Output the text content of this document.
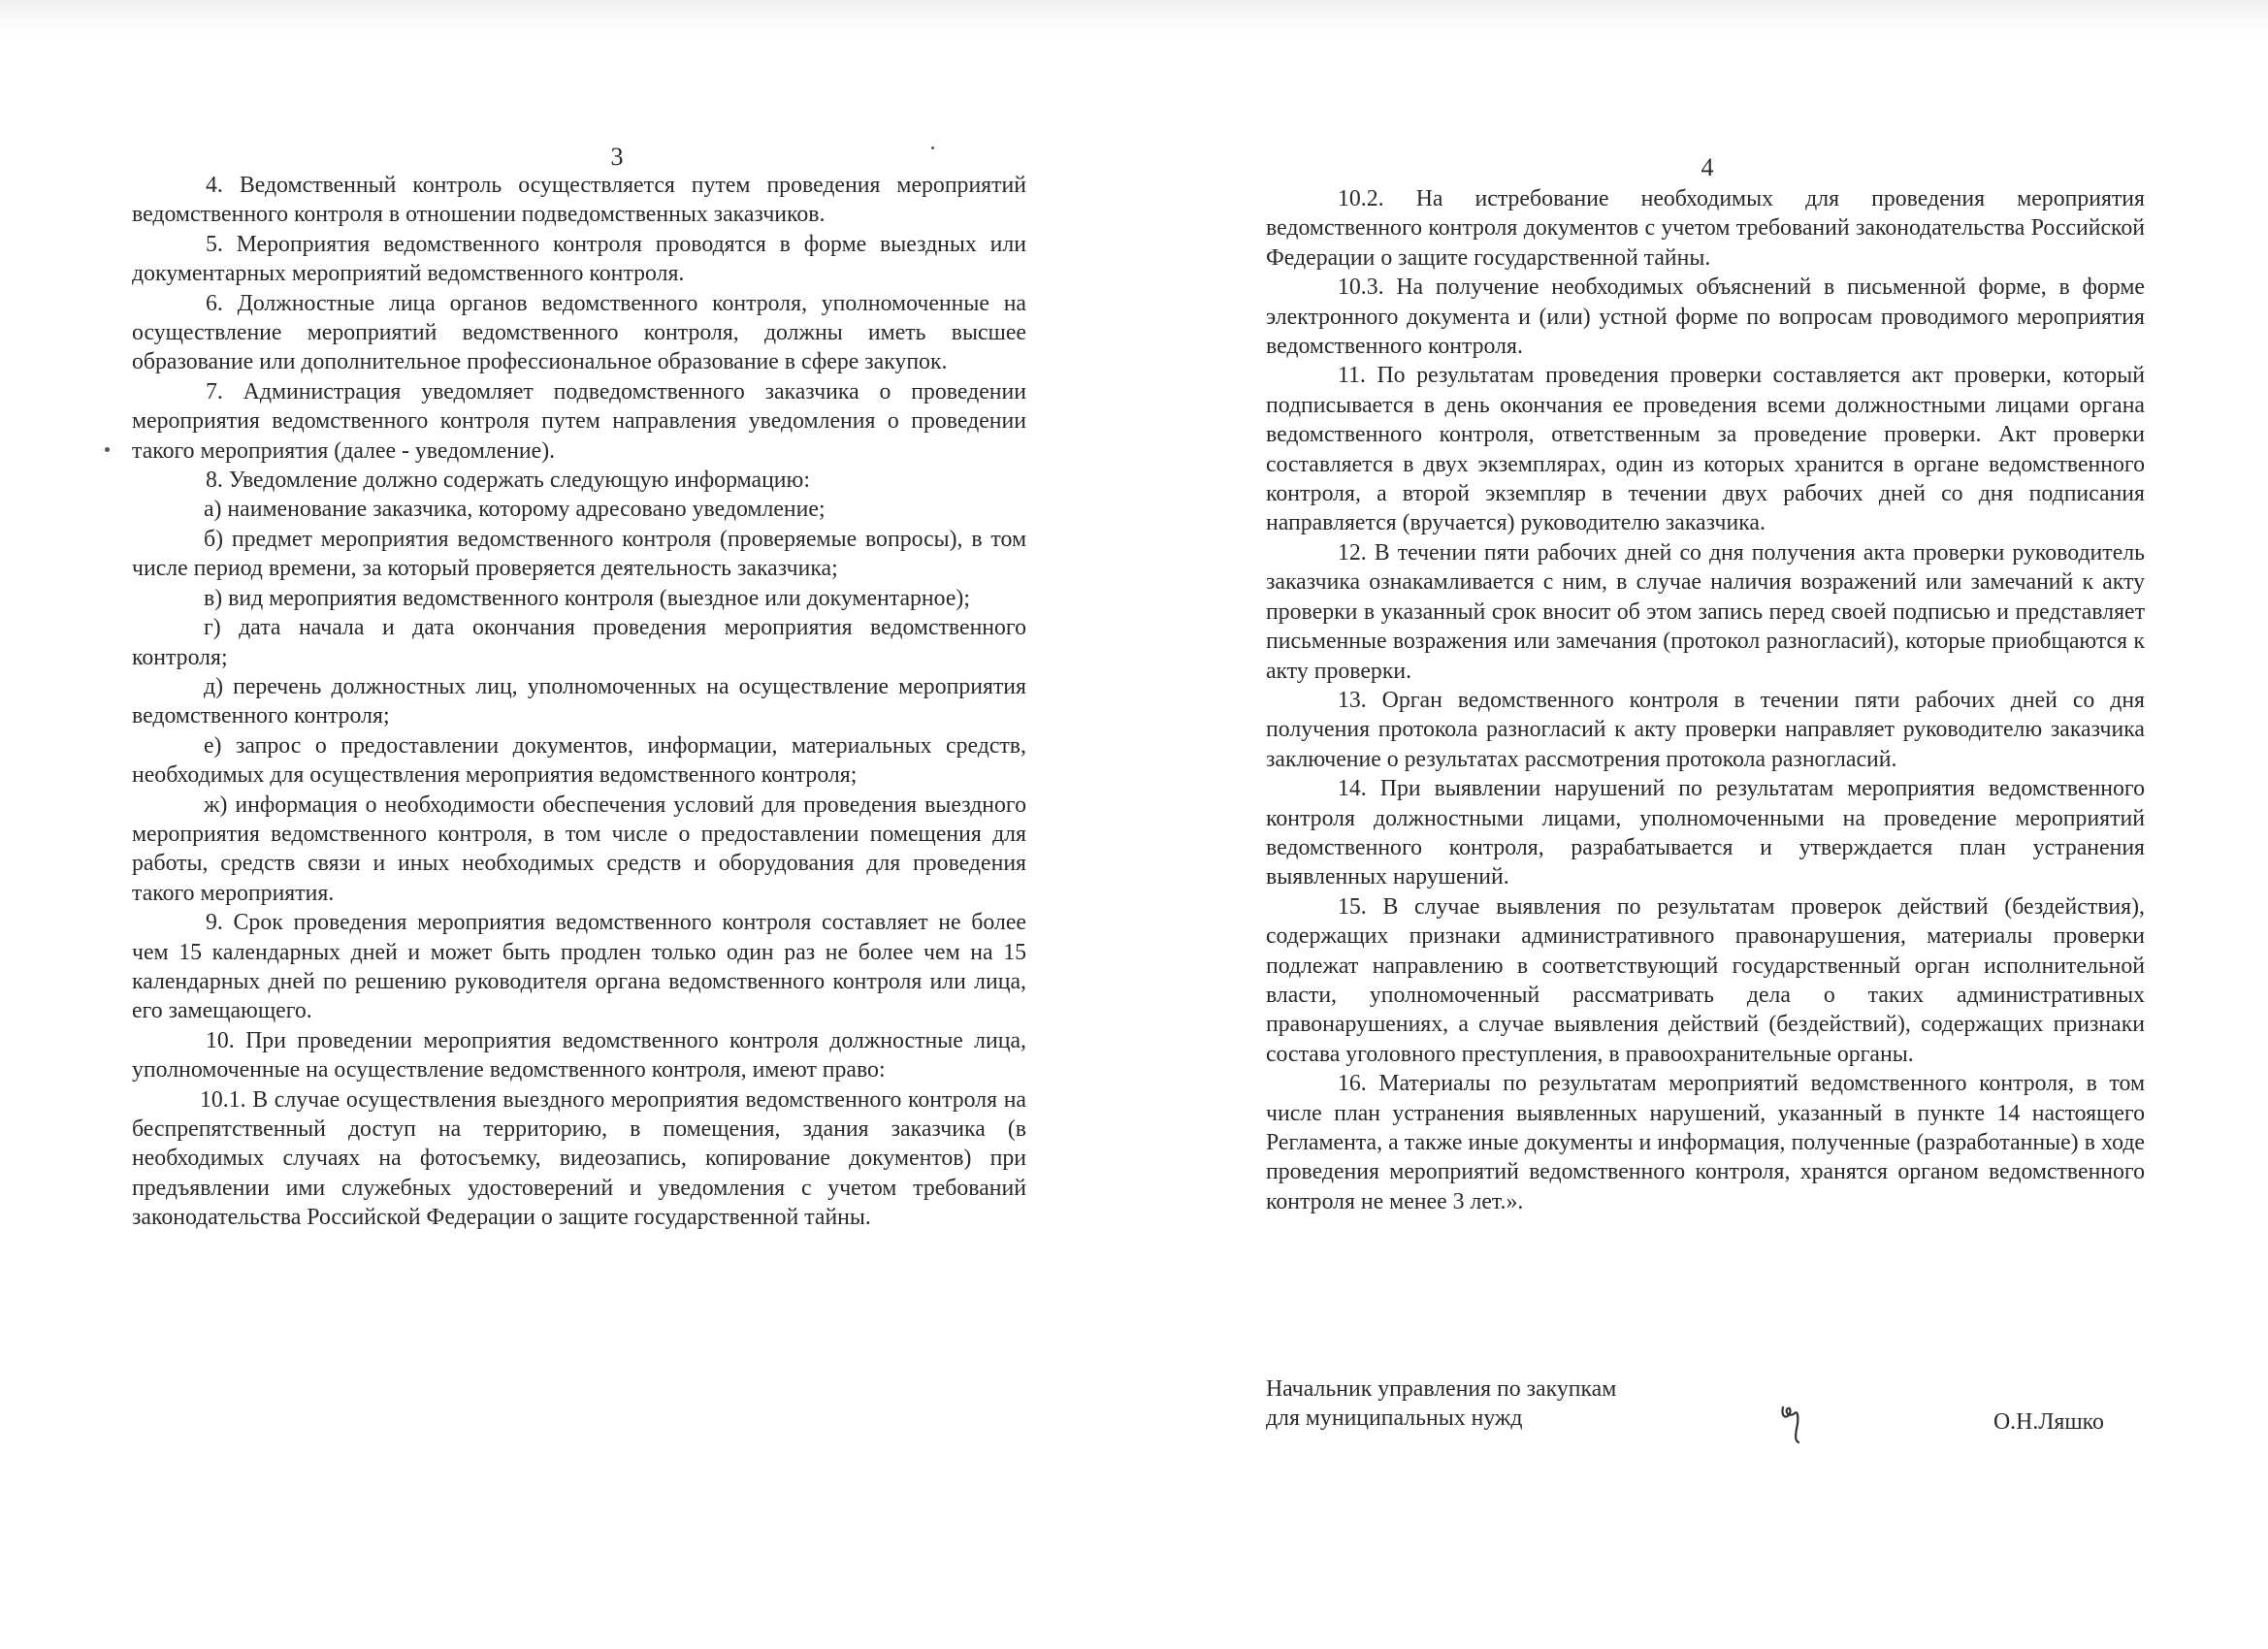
3

4. Ведомственный контроль осуществляется путем проведения мероприятий ведомственного контроля в отношении подведомственных заказчиков.

5. Мероприятия ведомственного контроля проводятся в форме выездных или документарных мероприятий ведомственного контроля.

6. Должностные лица органов ведомственного контроля, уполномоченные на осуществление мероприятий ведомственного контроля, должны иметь высшее образование или дополнительное профессиональное образование в сфере закупок.

7. Администрация уведомляет подведомственного заказчика о проведении мероприятия ведомственного контроля путем направления уведомления о проведении такого мероприятия (далее - уведомление).

8. Уведомление должно содержать следующую информацию:

а) наименование заказчика, которому адресовано уведомление;

б) предмет мероприятия ведомственного контроля (проверяемые вопросы), в том числе период времени, за который проверяется деятельность заказчика;

в) вид мероприятия ведомственного контроля (выездное или документарное);

г) дата начала и дата окончания проведения мероприятия ведомственного контроля;

д) перечень должностных лиц, уполномоченных на осуществление мероприятия ведомственного контроля;

е) запрос о предоставлении документов, информации, материальных средств, необходимых для осуществления мероприятия ведомственного контроля;

ж) информация о необходимости обеспечения условий для проведения выездного мероприятия ведомственного контроля, в том числе о предоставлении помещения для работы, средств связи и иных необходимых средств и оборудования для проведения такого мероприятия.

9. Срок проведения мероприятия ведомственного контроля составляет не более чем 15 календарных дней и может быть продлен только один раз не более чем на 15 календарных дней по решению руководителя органа ведомственного контроля или лица, его замещающего.

10. При проведении мероприятия ведомственного контроля должностные лица, уполномоченные на осуществление ведомственного контроля, имеют право:

10.1. В случае осуществления выездного мероприятия ведомственного контроля на беспрепятственный доступ на территорию, в помещения, здания заказчика (в необходимых случаях на фотосъемку, видеозапись, копирование документов) при предъявлении ими служебных удостоверений и уведомления с учетом требований законодательства Российской Федерации о защите государственной тайны.

4

10.2. На истребование необходимых для проведения мероприятия ведомственного контроля документов с учетом требований законодательства Российской Федерации о защите государственной тайны.

10.3. На получение необходимых объяснений в письменной форме, в форме электронного документа и (или) устной форме по вопросам проводимого мероприятия ведомственного контроля.

11. По результатам проведения проверки составляется акт проверки, который подписывается в день окончания ее проведения всеми должностными лицами органа ведомственного контроля, ответственным за проведение проверки. Акт проверки составляется в двух экземплярах, один из которых хранится в органе ведомственного контроля, а второй экземпляр в течении двух рабочих дней со дня подписания направляется (вручается) руководителю заказчика.

12. В течении пяти рабочих дней со дня получения акта проверки руководитель заказчика ознакамливается с ним, в случае наличия возражений или замечаний к акту проверки в указанный срок вносит об этом запись перед своей подписью и представляет письменные возражения или замечания (протокол разногласий), которые приобщаются к акту проверки.

13. Орган ведомственного контроля в течении пяти рабочих дней со дня получения протокола разногласий к акту проверки направляет руководителю заказчика заключение о результатах рассмотрения протокола разногласий.

14. При выявлении нарушений по результатам мероприятия ведомственного контроля должностными лицами, уполномоченными на проведение мероприятий ведомственного контроля, разрабатывается и утверждается план устранения выявленных нарушений.

15. В случае выявления по результатам проверок действий (бездействия), содержащих признаки административного правонарушения, материалы проверки подлежат направлению в соответствующий государственный орган исполнительной власти, уполномоченный рассматривать дела о таких административных правонарушениях, а случае выявления действий (бездействий), содержащих признаки состава уголовного преступления, в правоохранительные органы.

16. Материалы по результатам мероприятий ведомственного контроля, в том числе план устранения выявленных нарушений, указанный в пункте 14 настоящего Регламента, а также иные документы и информация, полученные (разработанные) в ходе проведения мероприятий ведомственного контроля, хранятся органом ведомственного контроля не менее 3 лет.».

Начальник управления по закупкам
для муниципальных нужд	О.Н.Ляшко
